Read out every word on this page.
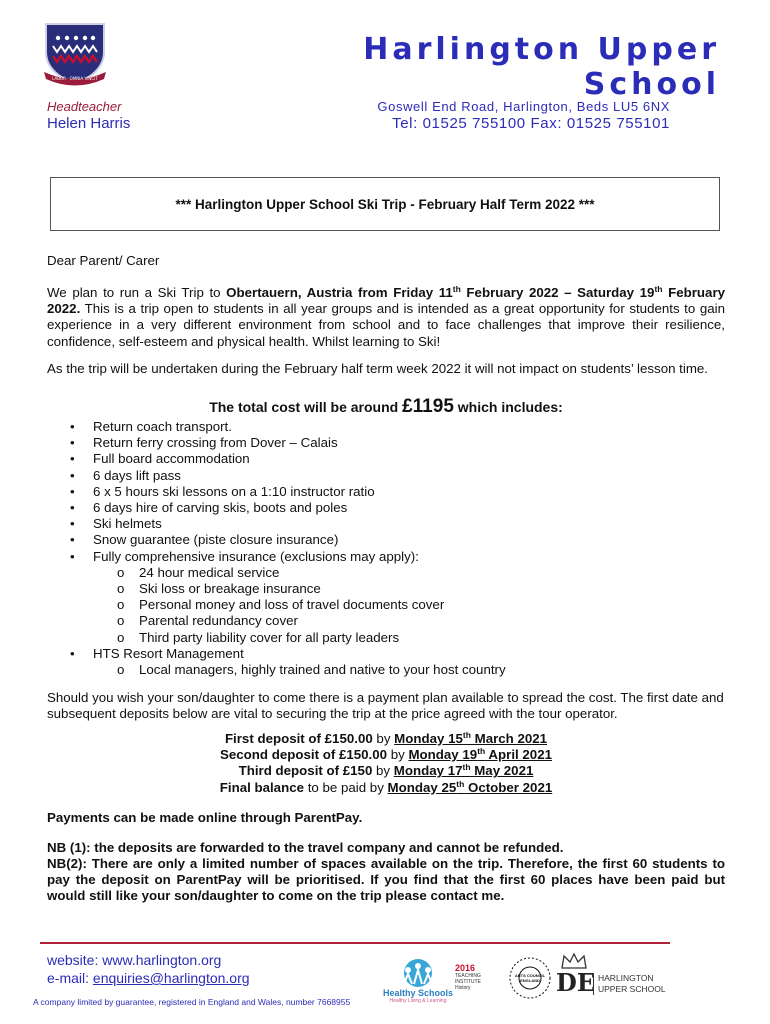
LABOR · OMNIA VINCIT
Harlington Upper School
Headteacher
Helen Harris
Goswell End Road, Harlington, Beds LU5 6NX
Tel: 01525 755100 Fax: 01525 755101
*** Harlington Upper School Ski Trip - February Half Term 2022 ***
Dear Parent/ Carer
We plan to run a Ski Trip to Obertauern, Austria from Friday 11th February 2022 – Saturday 19th February 2022. This is a trip open to students in all year groups and is intended as a great opportunity for students to gain experience in a very different environment from school and to face challenges that improve their resilience, confidence, self-esteem and physical health. Whilst learning to Ski!
As the trip will be undertaken during the February half term week 2022 it will not impact on students’ lesson time.
The total cost will be around £1195 which includes:
• Return coach transport.
• Return ferry crossing from Dover – Calais
• Full board accommodation
• 6 days lift pass
• 6 x 5 hours ski lessons on a 1:10 instructor ratio
• 6 days hire of carving skis, boots and poles
• Ski helmets
• Snow guarantee (piste closure insurance)
• Fully comprehensive insurance (exclusions may apply):
o 24 hour medical service
o Ski loss or breakage insurance
o Personal money and loss of travel documents cover
o Parental redundancy cover
o Third party liability cover for all party leaders
• HTS Resort Management
o Local managers, highly trained and native to your host country
Should you wish your son/daughter to come there is a payment plan available to spread the cost. The first date and subsequent deposits below are vital to securing the trip at the price agreed with the tour operator.
First deposit of £150.00 by Monday 15th March 2021
Second deposit of £150.00 by Monday 19th April 2021
Third deposit of £150 by Monday 17th May 2021
Final balance to be paid by Monday 25th October 2021
Payments can be made online through ParentPay.
NB (1): the deposits are forwarded to the travel company and cannot be refunded.
NB(2): There are only a limited number of spaces available on the trip. Therefore, the first 60 students to pay the deposit on ParentPay will be prioritised. If you find that the first 60 places have been paid but would still like your son/daughter to come on the trip please contact me.
website: www.harlington.org
e-mail: enquiries@harlington.org
A company limited by guarantee, registered in England and Wales, number 7668955
Healthy Schools
Healthy Living & Learning
2016
TEACHING INSTITUTE
History
ARTS COUNCIL ENGLAND DE HARLINGTON UPPER SCHOOL
